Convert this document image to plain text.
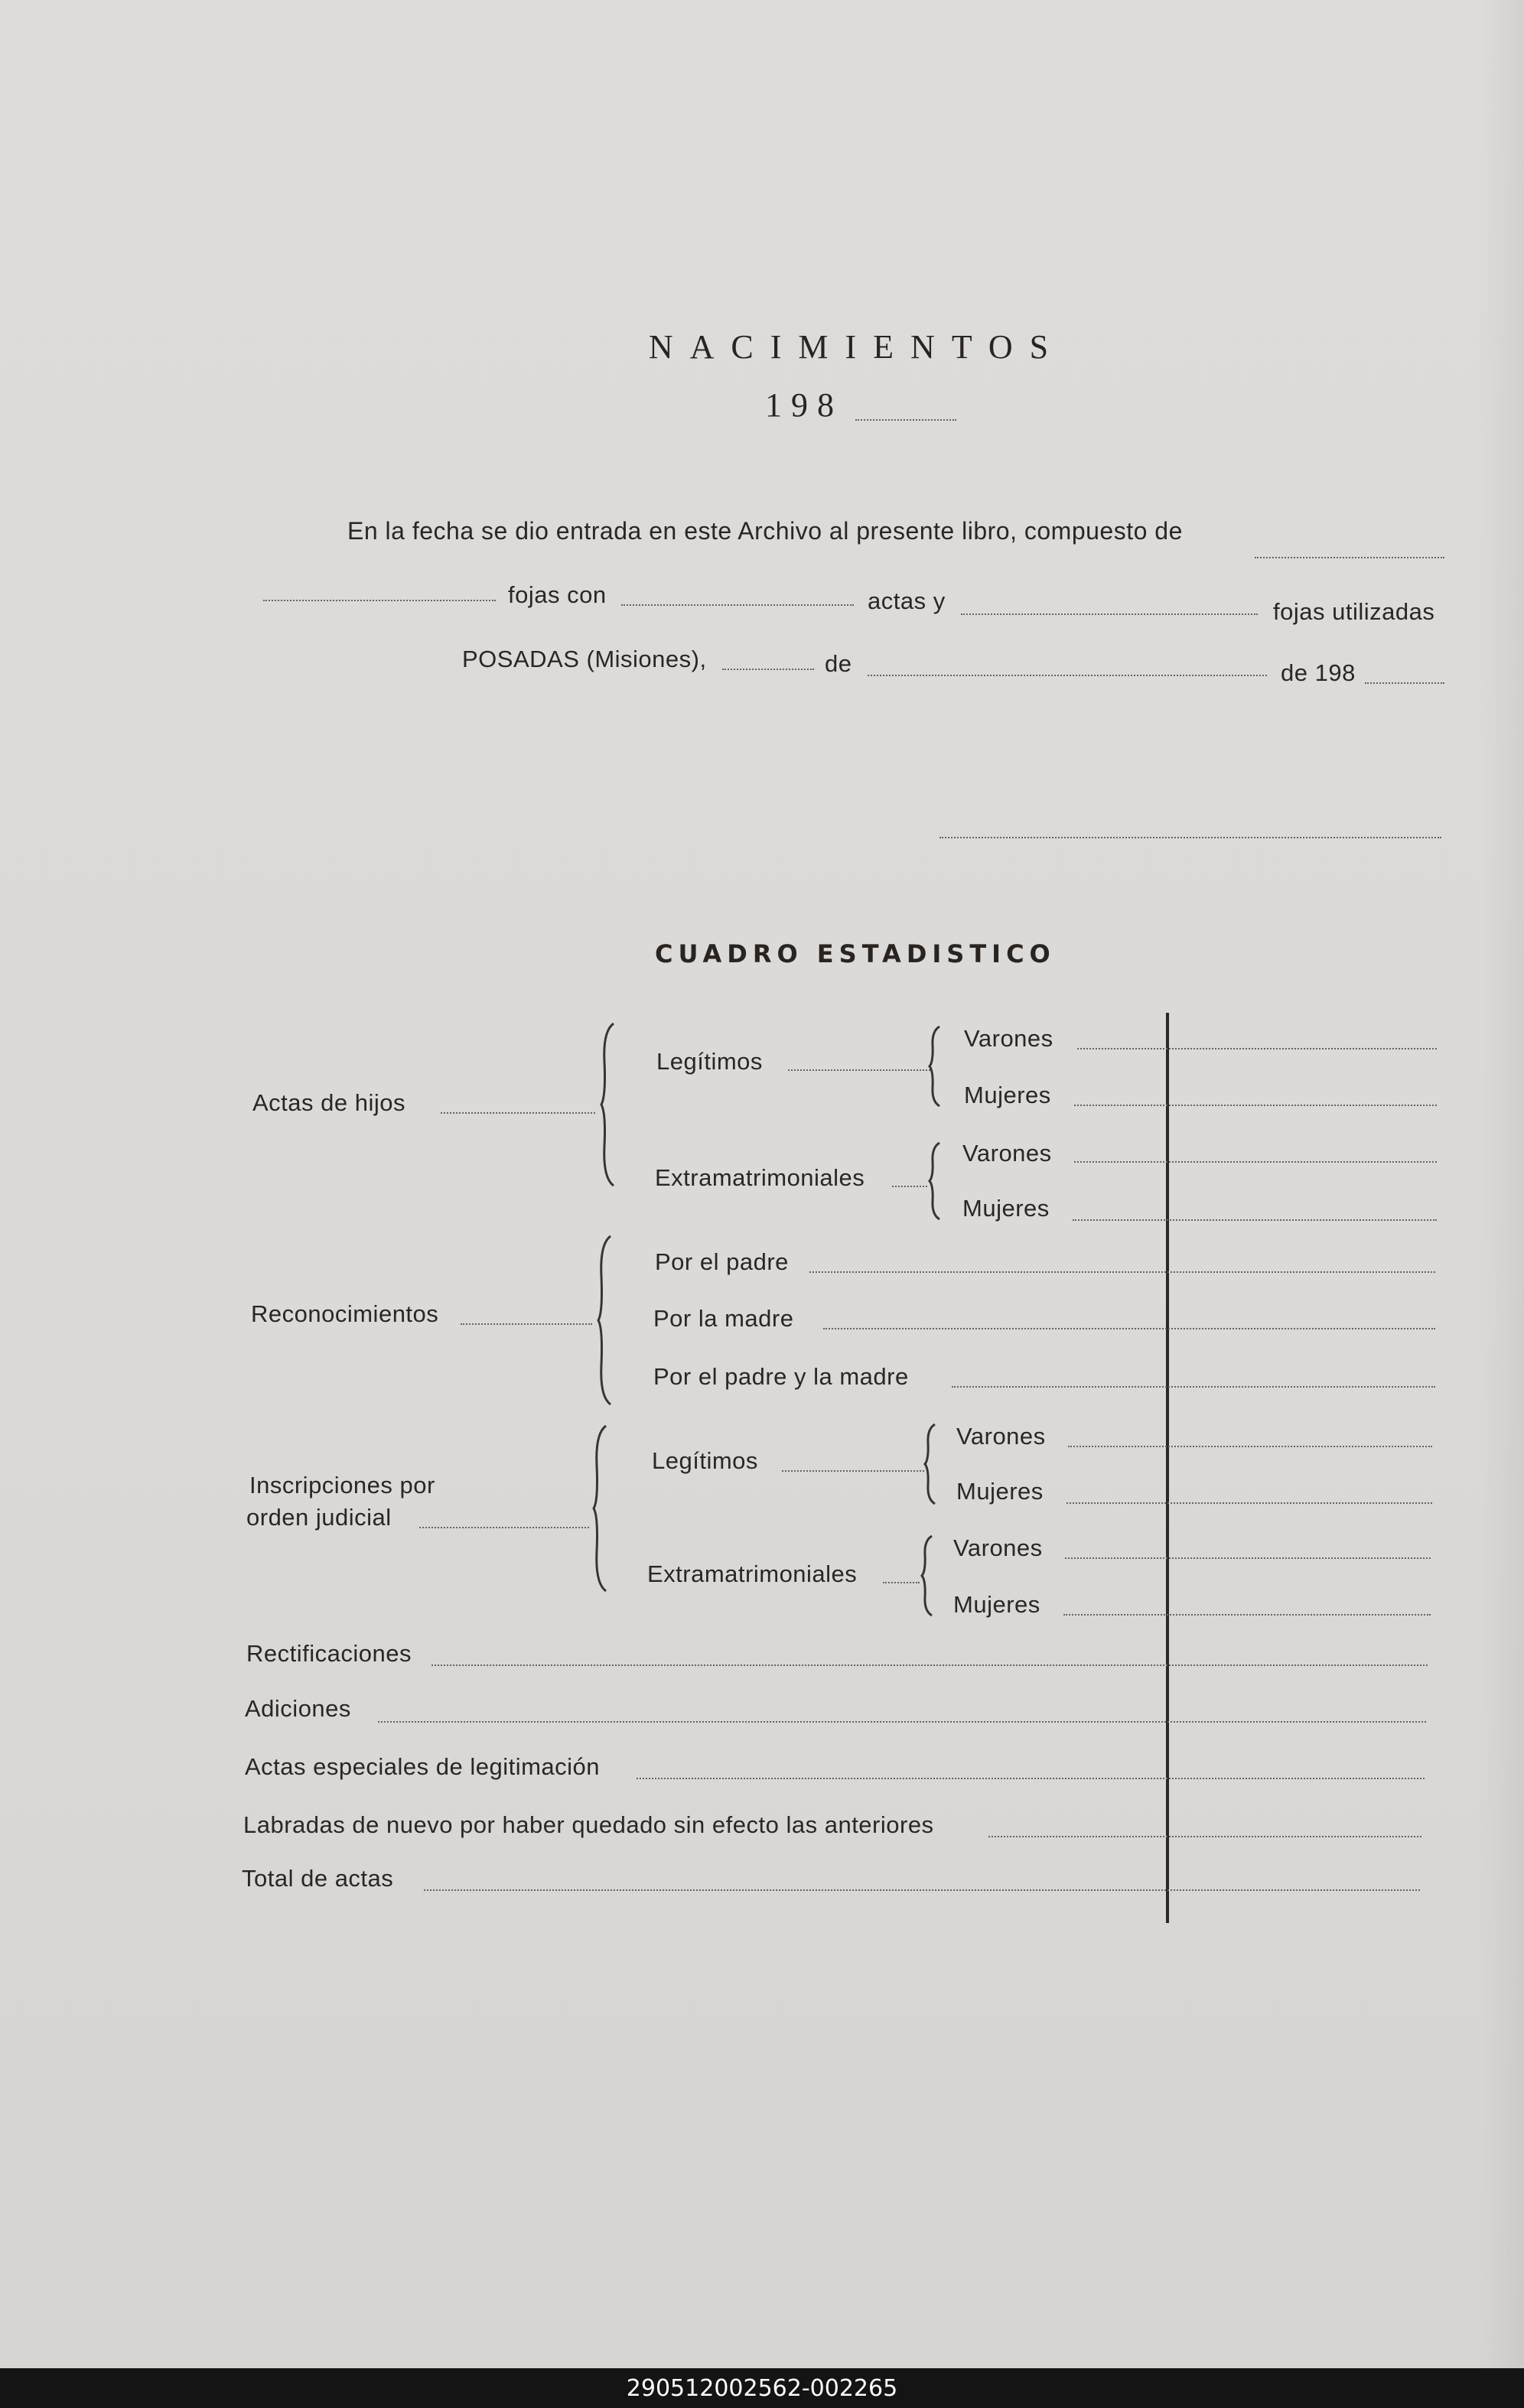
NACIMIENTOS
198
En la fecha se dio entrada en este Archivo al presente libro, compuesto de
fojas con	actas y	fojas utilizadas
POSADAS (Misiones),	de	de 198
CUADRO ESTADISTICO
Actas de hijos
Legítimos
Varones
Mujeres
Extramatrimoniales
Varones
Mujeres
Reconocimientos
Por el padre
Por la madre
Por el padre y la madre
Inscripciones por
orden judicial
Legítimos
Varones
Mujeres
Extramatrimoniales
Varones
Mujeres
Rectificaciones
Adiciones
Actas especiales de legitimación
Labradas de nuevo por haber quedado sin efecto las anteriores
Total de actas
290512002562-002265
